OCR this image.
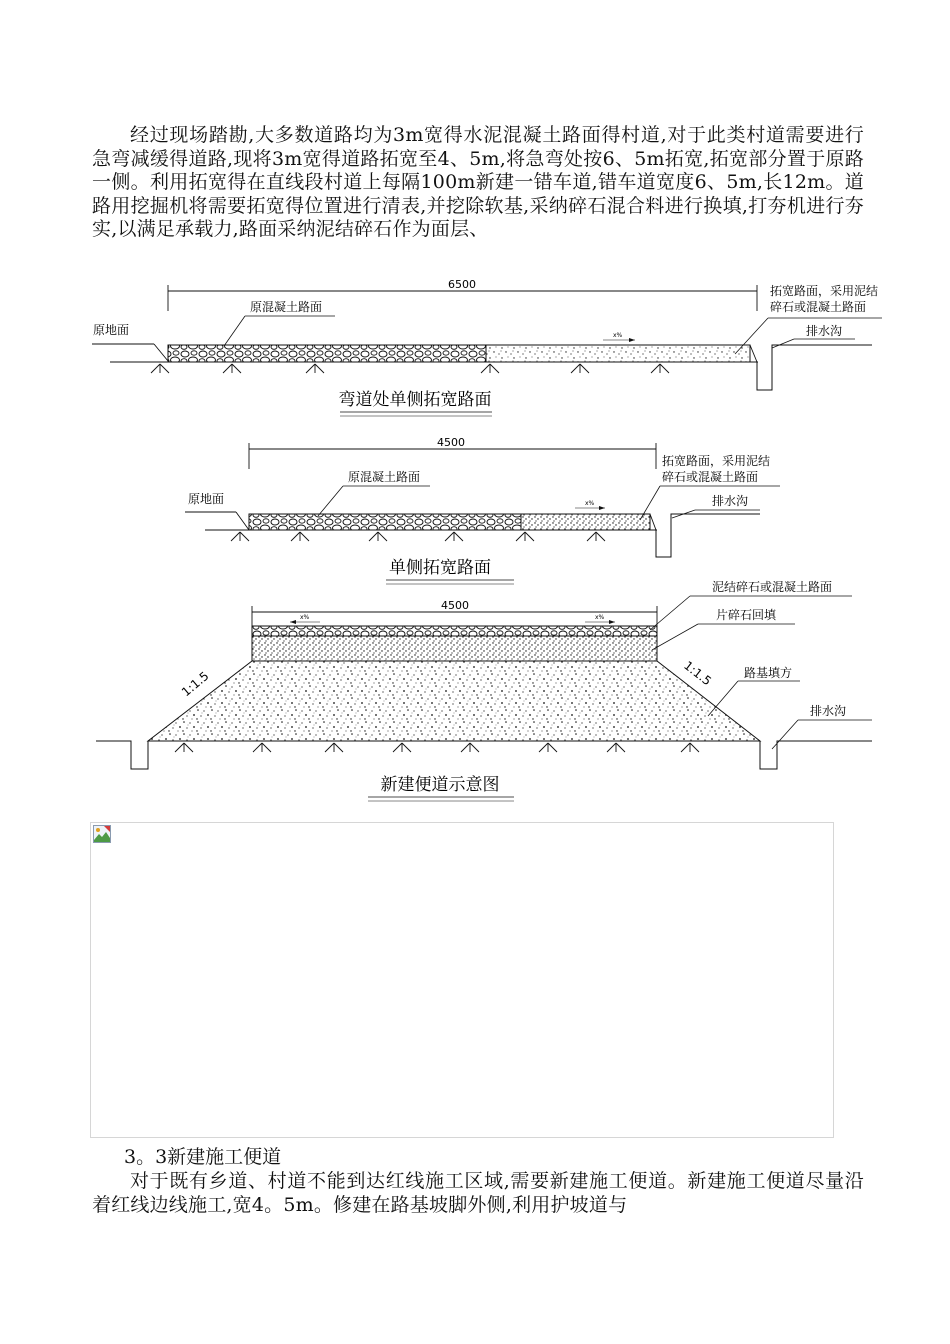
经过现场踏勘,大多数道路均为3m宽得水泥混凝土路面得村道,对于此类村道需要进行急弯减缓得道路,现将3m宽得道路拓宽至4、5m,将急弯处按6、5m拓宽,拓宽部分置于原路一侧。利用拓宽得在直线段村道上每隔100m新建一错车道,错车道宽度6、5m,长12m。道路用挖掘机将需要拓宽得位置进行清表,并挖除软基,采纳碎石混合料进行换填,打夯机进行夯实,以满足承载力,路面采纳泥结碎石作为面层、

6500
x%
原混凝土路面
原地面
拓宽路面，采用泥结
碎石或混凝土路面
排水沟
弯道处单侧拓宽路面
4500
x%
原混凝土路面
原地面
拓宽路面，采用泥结
碎石或混凝土路面
排水沟
单侧拓宽路面
4500
x%	x%
1:1.5	1:1.5
泥结碎石或混凝土路面
片碎石回填
路基填方
排水沟
新建便道示意图

3。3新建施工便道

对于既有乡道、村道不能到达红线施工区域,需要新建施工便道。新建施工便道尽量沿着红线边线施工,宽4。5m。修建在路基坡脚外侧,利用护坡道与
